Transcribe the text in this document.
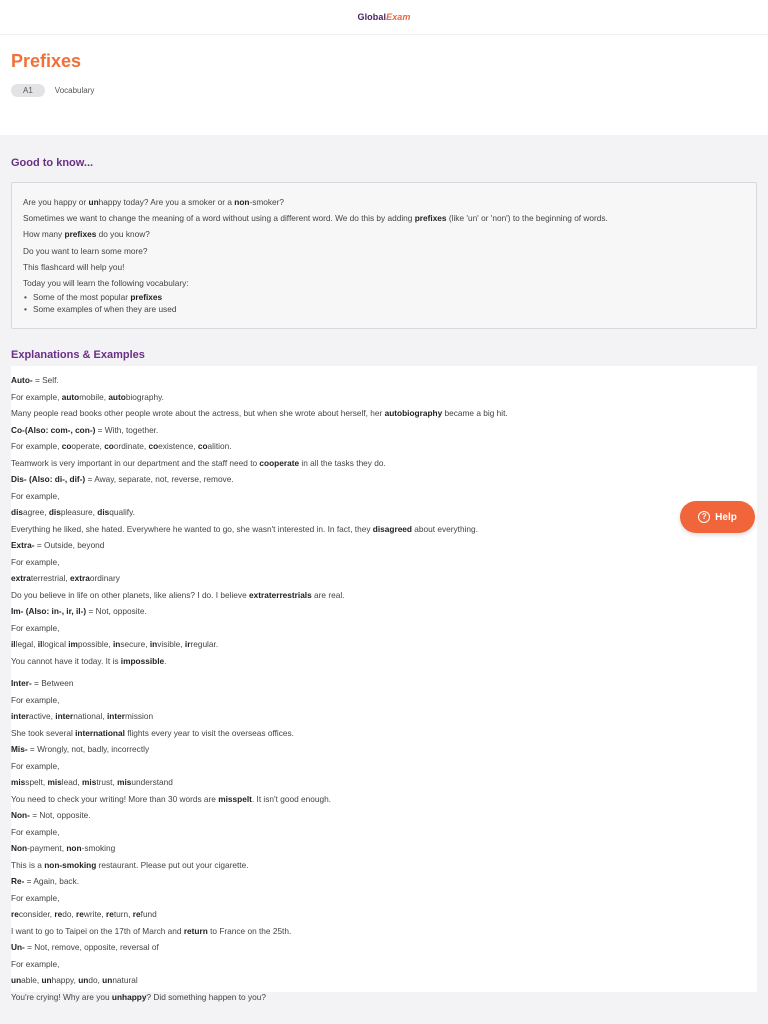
GlobalExam
Prefixes
A1	Vocabulary
Good to know...

Are you happy or unhappy today? Are you a smoker or a non-smoker?

Sometimes we want to change the meaning of a word without using a different word. We do this by adding prefixes (like 'un' or 'non') to the beginning of words.

How many prefixes do you know?

Do you want to learn some more?

This flashcard will help you!

Today you will learn the following vocabulary:

• Some of the most popular prefixes
• Some examples of when they are used
Explanations & Examples
Auto- = Self.
For example, automobile, autobiography.
Many people read books other people wrote about the actress, but when she wrote about herself, her autobiography became a big hit.
Co-(Also: com-, con-) = With, together.
For example, cooperate, coordinate, coexistence, coalition.
Teamwork is very important in our department and the staff need to cooperate in all the tasks they do.
Dis- (Also: di-, dif-) = Away, separate, not, reverse, remove.
For example,
disagree, displeasure, disqualify.
Everything he liked, she hated. Everywhere he wanted to go, she wasn't interested in. In fact, they disagreed about everything.
Extra- = Outside, beyond
For example,
extraterrestrial, extraordinary
Do you believe in life on other planets, like aliens? I do. I believe extraterrestrials are real.
Im- (Also: in-, ir, il-) = Not, opposite.
For example,
illegal, illogical impossible, insecure, invisible, irregular.
You cannot have it today. It is impossible.
Inter- = Between
For example,
interactive, international, intermission
She took several international flights every year to visit the overseas offices.
Mis- = Wrongly, not, badly, incorrectly
For example,
misspelt, mislead, mistrust, misunderstand
You need to check your writing! More than 30 words are misspelt. It isn't good enough.
Non- = Not, opposite.
For example,
Non-payment, non-smoking
This is a non-smoking restaurant. Please put out your cigarette.
Re- = Again, back.
For example,
reconsider, redo, rewrite, return, refund
I want to go to Taipei on the 17th of March and return to France on the 25th.
Un- = Not, remove, opposite, reversal of
For example,
unable, unhappy, undo, unnatural
You're crying! Why are you unhappy? Did something happen to you?
? Help
